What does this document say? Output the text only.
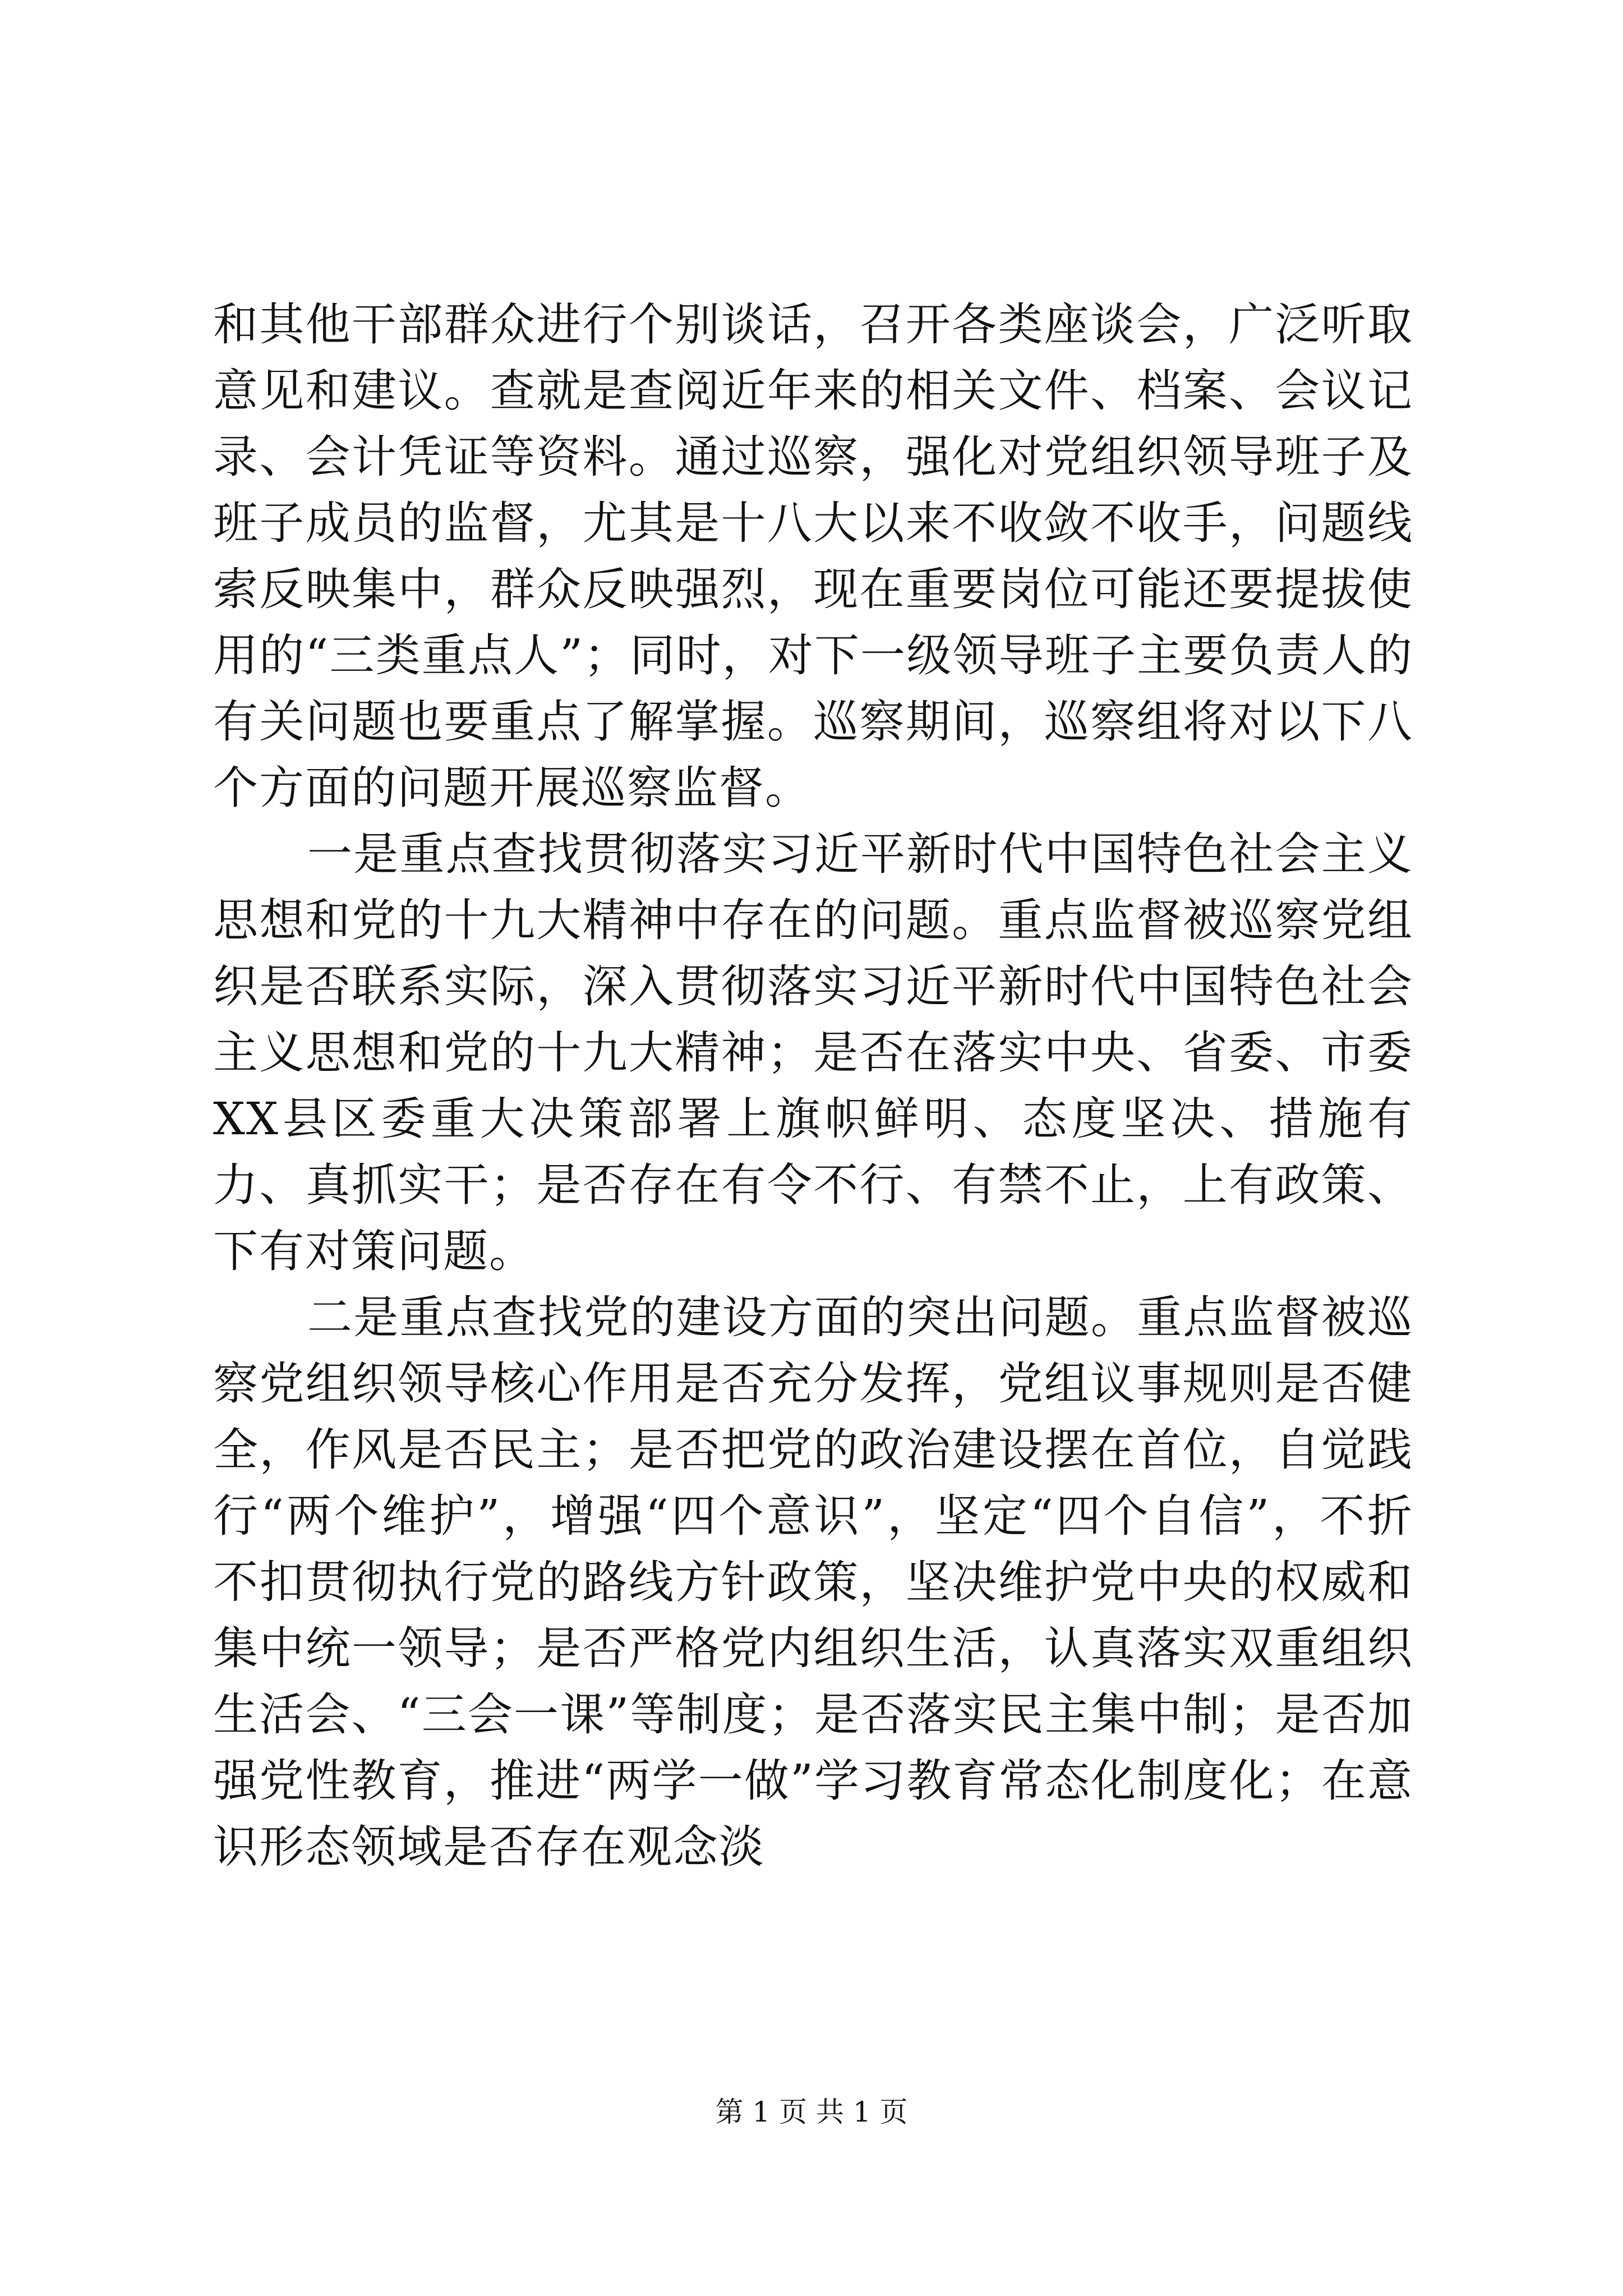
和其他干部群众进行个别谈话，召开各类座谈会，广泛听取意见和建议。查就是查阅近年来的相关文件、档案、会议记录、会计凭证等资料。通过巡察，强化对党组织领导班子及班子成员的监督，尤其是十八大以来不收敛不收手，问题线索反映集中，群众反映强烈，现在重要岗位可能还要提拔使用的“三类重点人”；同时，对下一级领导班子主要负责人的有关问题也要重点了解掌握。巡察期间，巡察组将对以下八个方面的问题开展巡察监督。

一是重点查找贯彻落实习近平新时代中国特色社会主义思想和党的十九大精神中存在的问题。重点监督被巡察党组织是否联系实际，深入贯彻落实习近平新时代中国特色社会主义思想和党的十九大精神；是否在落实中央、省委、市委XX县区委重大决策部署上旗帜鲜明、态度坚决、措施有力、真抓实干；是否存在有令不行、有禁不止，上有政策、下有对策问题。

二是重点查找党的建设方面的突出问题。重点监督被巡察党组织领导核心作用是否充分发挥，党组议事规则是否健全，作风是否民主；是否把党的政治建设摆在首位，自觉践行“两个维护”，增强“四个意识”，坚定“四个自信”，不折不扣贯彻执行党的路线方针政策，坚决维护党中央的权威和集中统一领导；是否严格党内组织生活，认真落实双重组织生活会、“三会一课”等制度；是否落实民主集中制；是否加强党性教育，推进“两学一做”学习教育常态化制度化；在意识形态领域是否存在观念淡

第 1 页 共 1 页
